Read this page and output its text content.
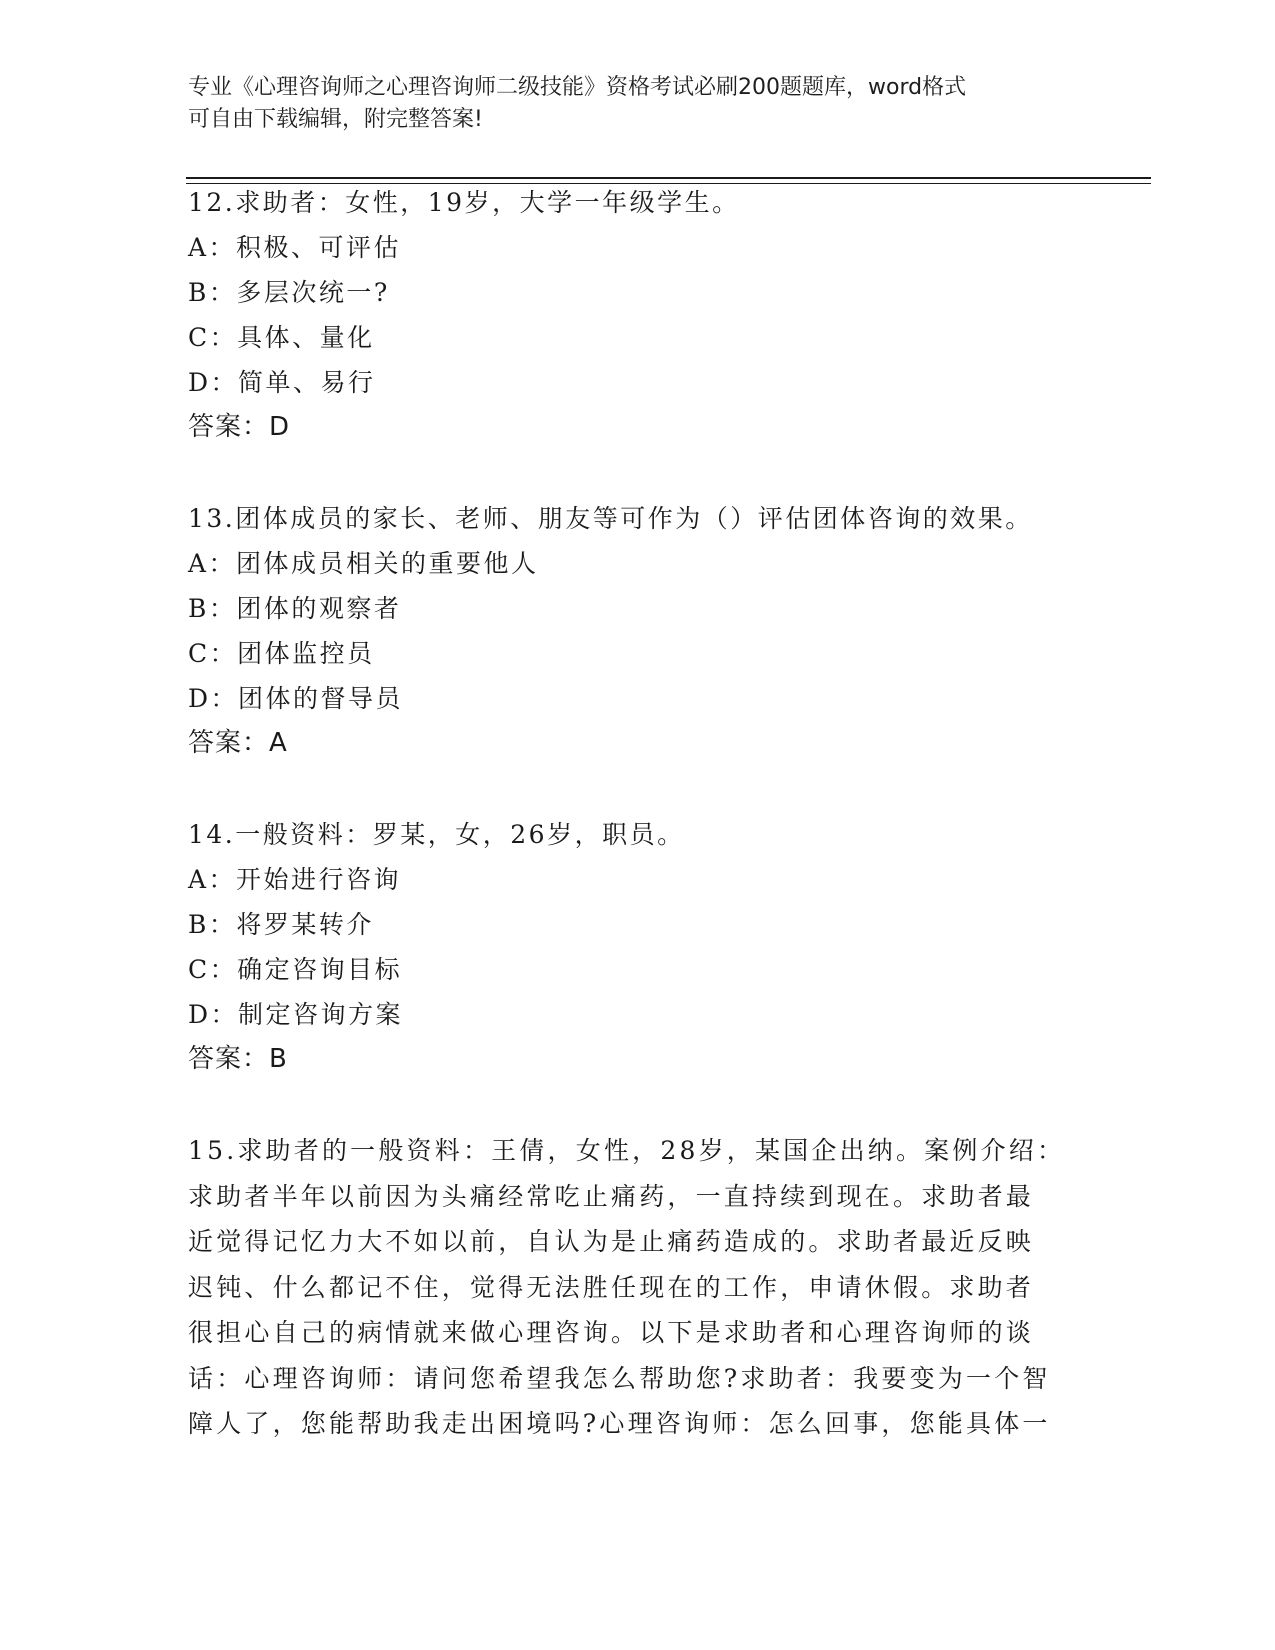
专业《心理咨询师之心理咨询师二级技能》资格考试必刷200题题库，word格式

可自由下载编辑，附完整答案!

12.求助者：女性，19岁，大学一年级学生。
A：积极、可评估
B：多层次统一?
C：具体、量化
D：简单、易行
答案：D
13.团体成员的家长、老师、朋友等可作为（）评估团体咨询的效果。
A：团体成员相关的重要他人
B：团体的观察者
C：团体监控员
D：团体的督导员
答案：A
14.一般资料：罗某，女，26岁，职员。
A：开始进行咨询
B：将罗某转介
C：确定咨询目标
D：制定咨询方案
答案：B

15.求助者的一般资料：王倩，女性，28岁，某国企出纳。案例介绍：

求助者半年以前因为头痛经常吃止痛药，一直持续到现在。求助者最

近觉得记忆力大不如以前，自认为是止痛药造成的。求助者最近反映

迟钝、什么都记不住，觉得无法胜任现在的工作，申请休假。求助者

很担心自己的病情就来做心理咨询。以下是求助者和心理咨询师的谈

话：心理咨询师：请问您希望我怎么帮助您?求助者：我要变为一个智

障人了，您能帮助我走出困境吗?心理咨询师：怎么回事，您能具体一
